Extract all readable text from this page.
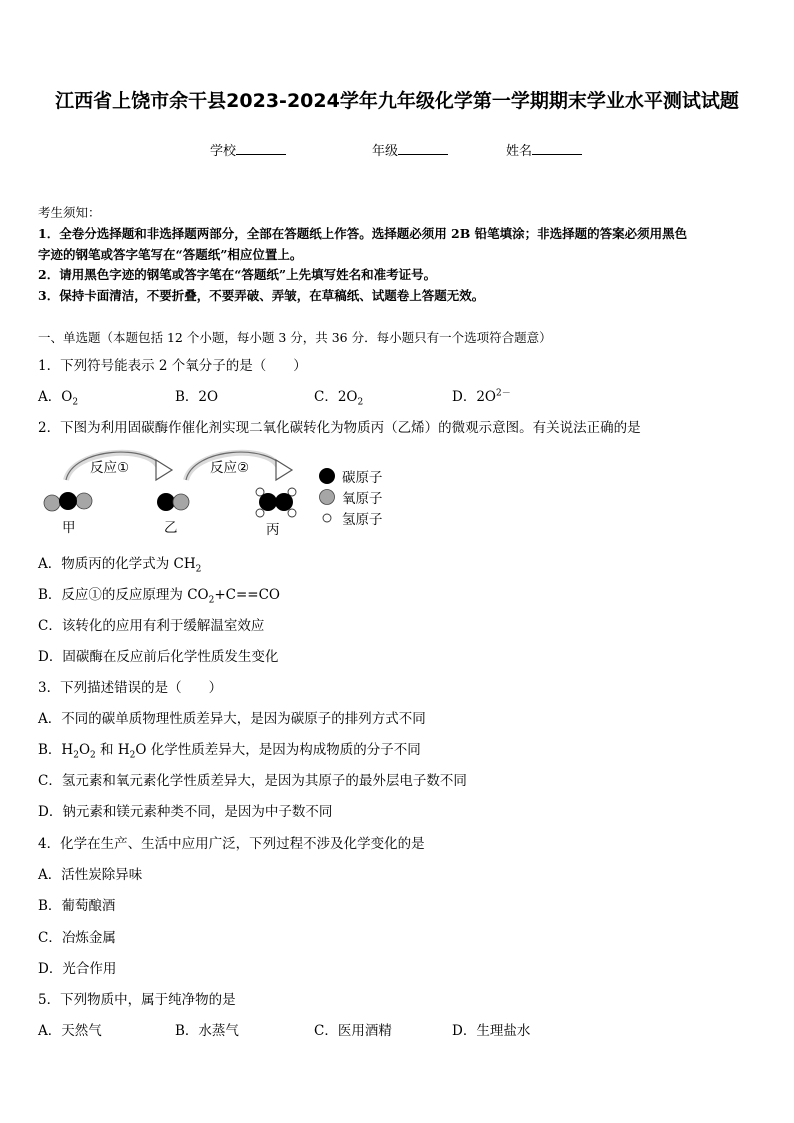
江西省上饶市余干县2023-2024学年九年级化学第一学期期末学业水平测试试题
学校	年级	姓名
考生须知：
1．全卷分选择题和非选择题两部分，全部在答题纸上作答。选择题必须用 2B 铅笔填涂；非选择题的答案必须用黑色
字迹的钢笔或答字笔写在“答题纸”相应位置上。
2．请用黑色字迹的钢笔或答字笔在“答题纸”上先填写姓名和准考证号。
3．保持卡面清洁，不要折叠，不要弄破、弄皱，在草稿纸、试题卷上答题无效。
一、单选题（本题包括 12 个小题，每小题 3 分，共 36 分．每小题只有一个选项符合题意）
1．下列符号能表示 2 个氧分子的是（　　）
A．$O_2$	B．2O	C．$2O_2$	D．$2O^{2-}$
2．下图为利用固碳酶作催化剂实现二氧化碳转化为物质丙（乙烯）的微观示意图。有关说法正确的是
反应①	反应②
甲	乙	丙
碳原子
氧原子
氢原子
A．物质丙的化学式为 $CH_2$
B．反应①的反应原理为 $CO_2+C==CO$
C．该转化的应用有利于缓解温室效应
D．固碳酶在反应前后化学性质发生变化
3．下列描述错误的是（　　）
A．不同的碳单质物理性质差异大，是因为碳原子的排列方式不同
B．$H_2O_2$ 和 $H_2O$ 化学性质差异大，是因为构成物质的分子不同
C．氢元素和氧元素化学性质差异大，是因为其原子的最外层电子数不同
D．钠元素和镁元素种类不同，是因为中子数不同
4．化学在生产、生活中应用广泛，下列过程不涉及化学变化的是
A．活性炭除异味
B．葡萄酿酒
C．冶炼金属
D．光合作用
5．下列物质中，属于纯净物的是
A．天然气	B．水蒸气	C．医用酒精	D．生理盐水
